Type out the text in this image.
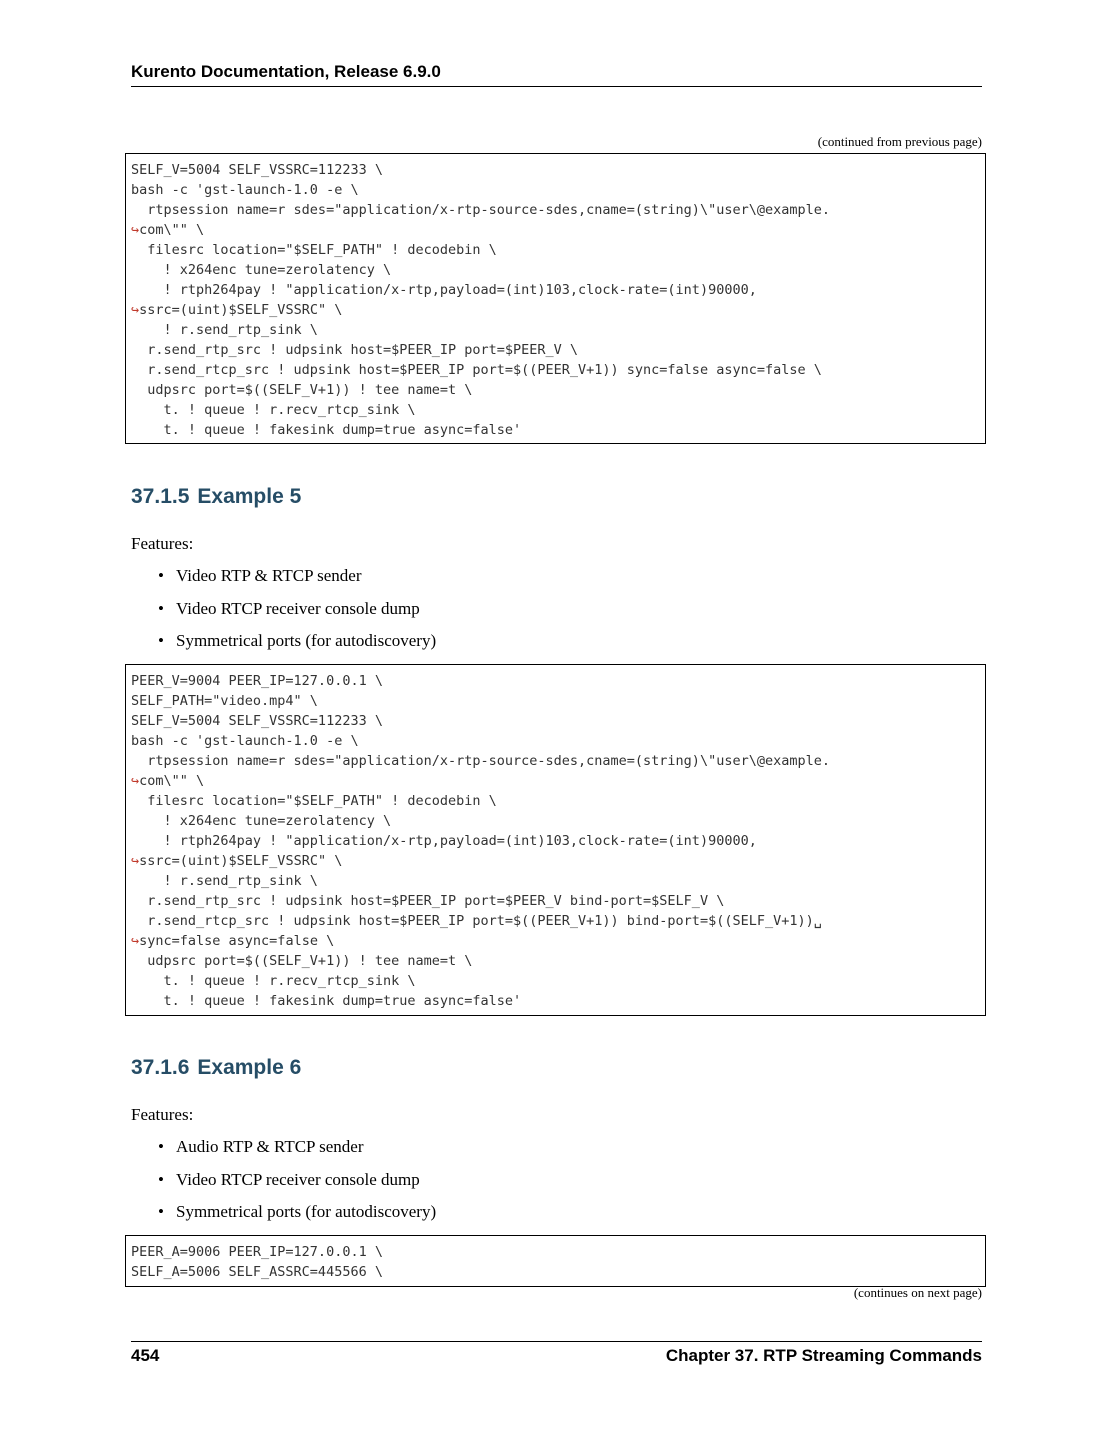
Kurento Documentation, Release 6.9.0
(continued from previous page)
SELF_V=5004 SELF_VSSRC=112233 \
bash -c 'gst-launch-1.0 -e \
rtpsession name=r sdes="application/x-rtp-source-sdes,cname=(string)\"user\@example.
↪com\"" \
filesrc location="$SELF_PATH" ! decodebin \
! x264enc tune=zerolatency \
! rtph264pay ! "application/x-rtp,payload=(int)103,clock-rate=(int)90000,
↪ssrc=(uint)$SELF_VSSRC" \
! r.send_rtp_sink \
r.send_rtp_src ! udpsink host=$PEER_IP port=$PEER_V \
r.send_rtcp_src ! udpsink host=$PEER_IP port=$((PEER_V+1)) sync=false async=false \
udpsrc port=$((SELF_V+1)) ! tee name=t \
t. ! queue ! r.recv_rtcp_sink \
t. ! queue ! fakesink dump=true async=false'
37.1.5 Example 5

Features:

• Video RTP & RTCP sender
• Video RTCP receiver console dump
• Symmetrical ports (for autodiscovery)
PEER_V=9004 PEER_IP=127.0.0.1 \
SELF_PATH="video.mp4" \
SELF_V=5004 SELF_VSSRC=112233 \
bash -c 'gst-launch-1.0 -e \
rtpsession name=r sdes="application/x-rtp-source-sdes,cname=(string)\"user\@example.
↪com\"" \
filesrc location="$SELF_PATH" ! decodebin \
! x264enc tune=zerolatency \
! rtph264pay ! "application/x-rtp,payload=(int)103,clock-rate=(int)90000,
↪ssrc=(uint)$SELF_VSSRC" \
! r.send_rtp_sink \
r.send_rtp_src ! udpsink host=$PEER_IP port=$PEER_V bind-port=$SELF_V \
r.send_rtcp_src ! udpsink host=$PEER_IP port=$((PEER_V+1)) bind-port=$((SELF_V+1))␣
↪sync=false async=false \
udpsrc port=$((SELF_V+1)) ! tee name=t \
t. ! queue ! r.recv_rtcp_sink \
t. ! queue ! fakesink dump=true async=false'
37.1.6 Example 6

Features:

• Audio RTP & RTCP sender
• Video RTCP receiver console dump
• Symmetrical ports (for autodiscovery)
PEER_A=9006 PEER_IP=127.0.0.1 \
SELF_A=5006 SELF_ASSRC=445566 \
(continues on next page)

454	Chapter 37. RTP Streaming Commands
